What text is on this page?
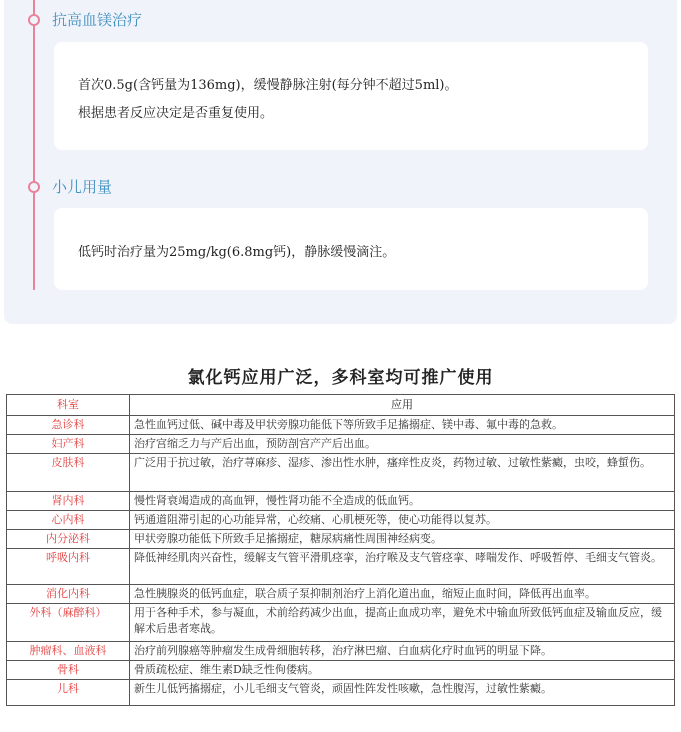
抗高血镁治疗

首次0.5g(含钙量为136mg)，缓慢静脉注射(每分钟不超过5ml)。

根据患者反应决定是否重复使用。

小儿用量

低钙时治疗量为25mg/kg(6.8mg钙)，静脉缓慢滴注。

氯化钙应用广泛，多科室均可推广使用
科室	应用
急诊科	急性血钙过低、碱中毒及甲状旁腺功能低下等所致手足搐搦症、镁中毒、氟中毒的急救。
妇产科	治疗宫缩乏力与产后出血，预防剖宫产产后出血。
皮肤科	广泛用于抗过敏，治疗荨麻疹、湿疹、渗出性水肿，瘙痒性皮炎，药物过敏、过敏性紫癜，虫咬，蜂蜇伤。
肾内科	慢性肾衰竭造成的高血钾，慢性肾功能不全造成的低血钙。
心内科	钙通道阻滞引起的心功能异常，心绞痛、心肌梗死等，使心功能得以复苏。
内分泌科	甲状旁腺功能低下所致手足搐搦症，糖尿病痛性周围神经病变。
呼吸内科	降低神经肌肉兴奋性，缓解支气管平滑肌痉挛，治疗喉及支气管痉挛、哮喘发作、呼吸暂停、毛细支气管炎。
消化内科	急性胰腺炎的低钙血症，联合质子泵抑制剂治疗上消化道出血，缩短止血时间，降低再出血率。
外科（麻醉科）	用于各种手术，参与凝血，术前给药减少出血，提高止血成功率，避免术中输血所致低钙血症及输血反应，缓解术后患者寒战。
肿瘤科、血液科	治疗前列腺癌等肿瘤发生成骨细胞转移，治疗淋巴瘤、白血病化疗时血钙的明显下降。
骨科	骨质疏松症、维生素D缺乏性佝偻病。
儿科	新生儿低钙搐搦症，小儿毛细支气管炎，顽固性阵发性咳嗽，急性腹泻，过敏性紫癜。
